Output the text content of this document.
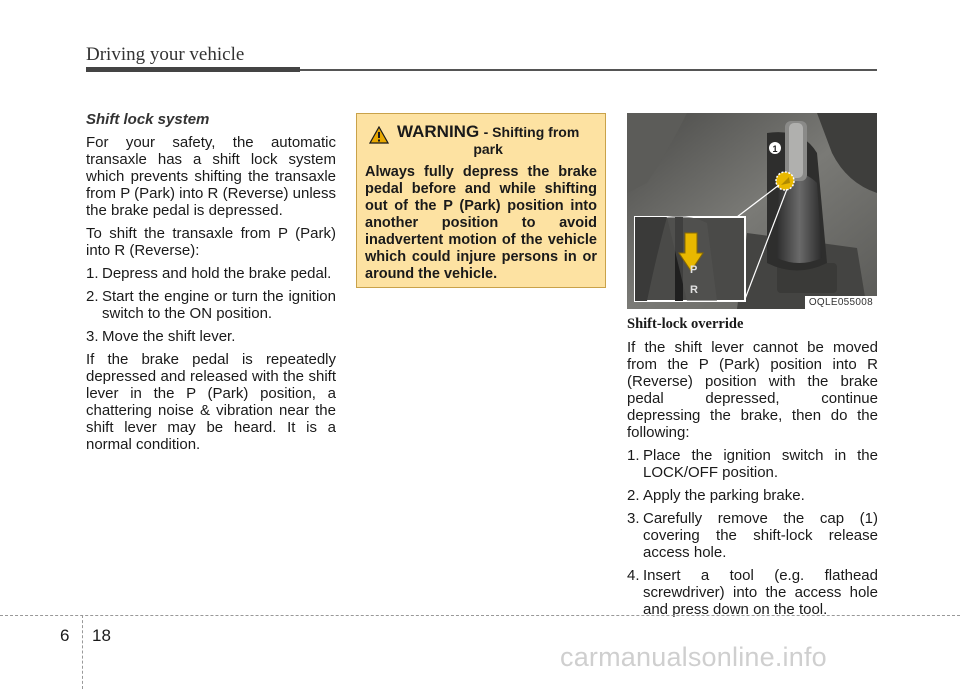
Driving your vehicle
Shift lock system

For your safety, the automatic transaxle has a shift lock system which prevents shifting the transaxle from P (Park) into R (Reverse) unless the brake pedal is depressed.

To shift the transaxle from P (Park) into R (Reverse):

1. Depress and hold the brake pedal.
2. Start the engine or turn the ignition switch to the ON position.
3. Move the shift lever.

If the brake pedal is repeatedly depressed and released with the shift lever in the P (Park) position, a chattering noise & vibration near the shift lever may be heard. It is a normal condition.

WARNING - Shifting from
park
Always fully depress the brake pedal before and while shifting out of the P (Park) position into another position to avoid inadvertent motion of the vehicle which could injure persons in or around the vehicle.
1
P
R
OQLE055008
Shift-lock override

If the shift lever cannot be moved from the P (Park) position into R (Reverse) position with the brake pedal depressed, continue depressing the brake, then do the following:

1. Place the ignition switch in the LOCK/OFF position.
2. Apply the parking brake.
3. Carefully remove the cap (1) covering the shift-lock release access hole.
4. Insert a tool (e.g. flathead screwdriver) into the access hole and press down on the tool.
6 18
carmanualsonline.info
